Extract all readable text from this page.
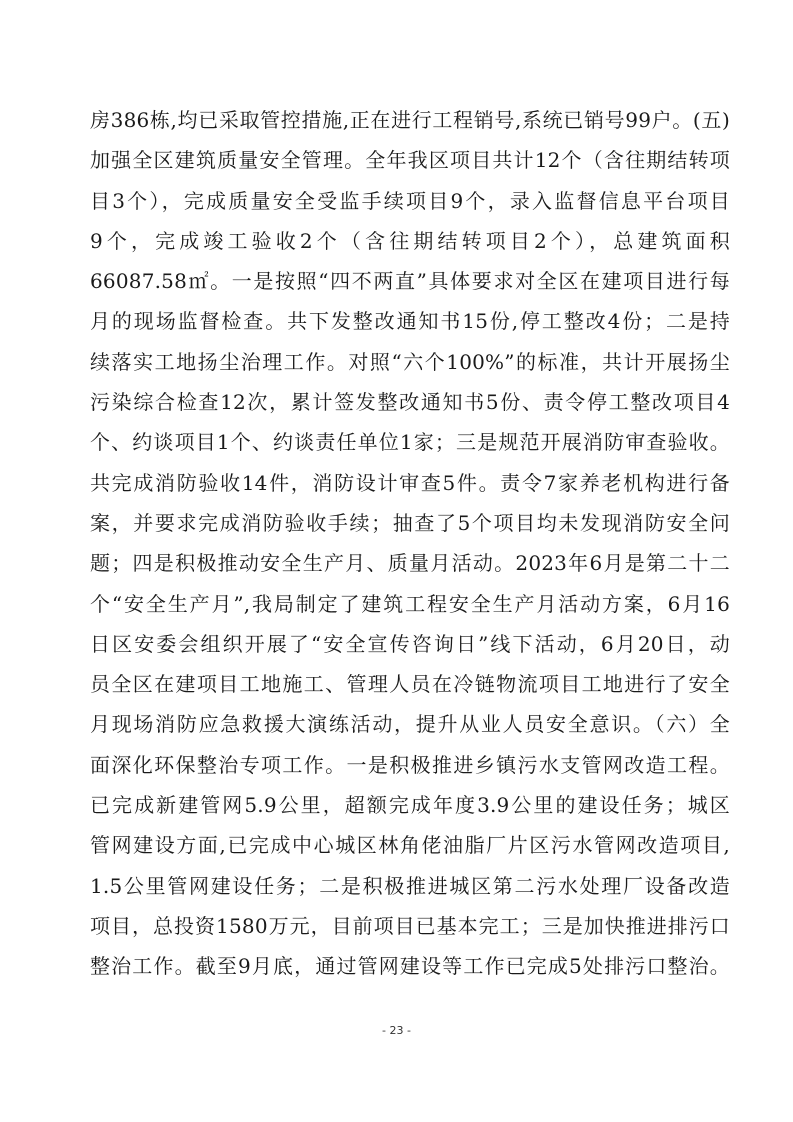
房386栋,均已采取管控措施,正在进行工程销号,系统已销号99户。(五)
加强全区建筑质量安全管理。全年我区项目共计12个（含往期结转项
目3个），完成质量安全受监手续项目9个，录入监督信息平台项目
9个，完成竣工验收2个（含往期结转项目2个），总建筑面积
66087.58㎡。一是按照“四不两直”具体要求对全区在建项目进行每
月的现场监督检查。共下发整改通知书15份,停工整改4份；二是持
续落实工地扬尘治理工作。对照“六个100%”的标准，共计开展扬尘
污染综合检查12次，累计签发整改通知书5份、责令停工整改项目4
个、约谈项目1个、约谈责任单位1家；三是规范开展消防审查验收。
共完成消防验收14件，消防设计审查5件。责令7家养老机构进行备
案，并要求完成消防验收手续；抽查了5个项目均未发现消防安全问
题；四是积极推动安全生产月、质量月活动。2023年6月是第二十二
个“安全生产月”,我局制定了建筑工程安全生产月活动方案，6月16
日区安委会组织开展了“安全宣传咨询日”线下活动，6月20日，动
员全区在建项目工地施工、管理人员在冷链物流项目工地进行了安全
月现场消防应急救援大演练活动，提升从业人员安全意识。（六）全
面深化环保整治专项工作。一是积极推进乡镇污水支管网改造工程。
已完成新建管网5.9公里，超额完成年度3.9公里的建设任务；城区
管网建设方面,已完成中心城区林角佬油脂厂片区污水管网改造项目,
1.5公里管网建设任务；二是积极推进城区第二污水处理厂设备改造
项目，总投资1580万元，目前项目已基本完工；三是加快推进排污口
整治工作。截至9月底，通过管网建设等工作已完成5处排污口整治。
- 23 -
